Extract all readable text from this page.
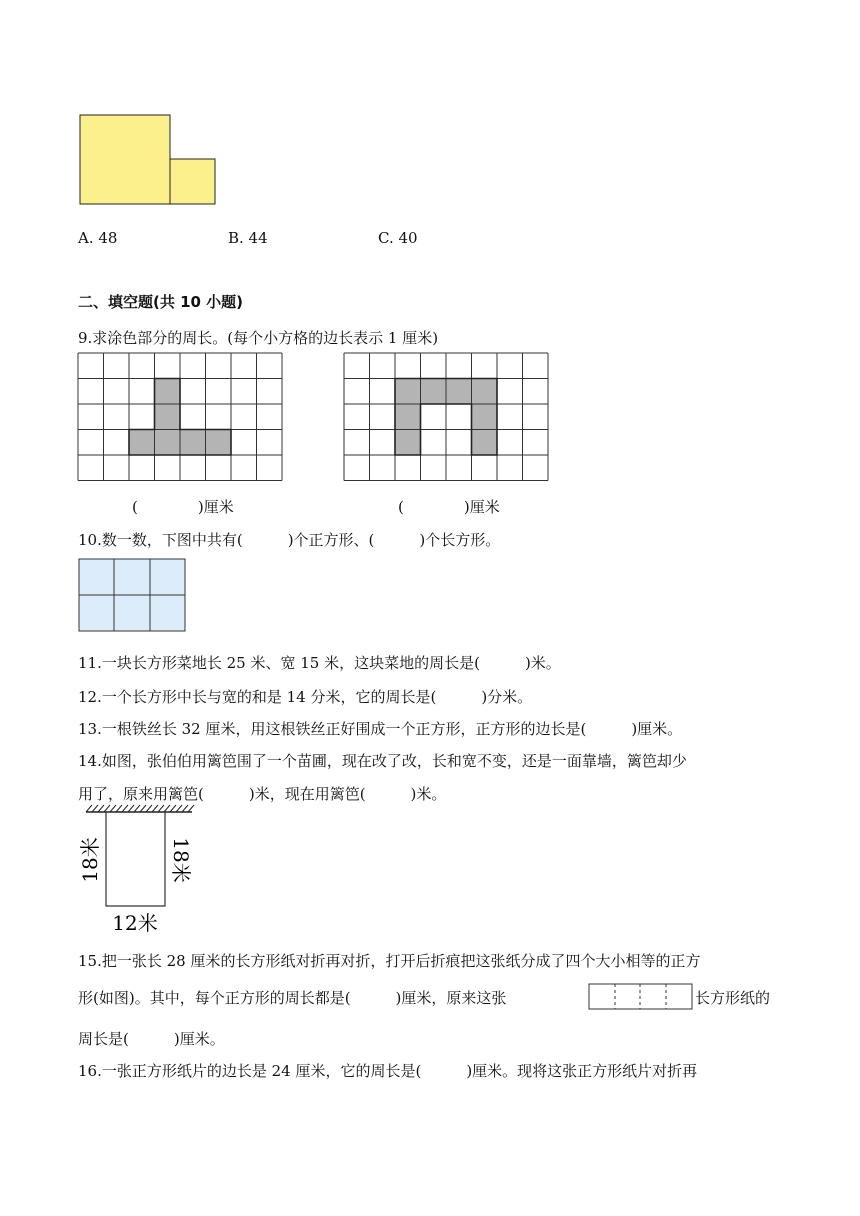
A. 48	B. 44	C. 40
二、填空题(共 10 小题)
9.求涂色部分的周长。(每个小方格的边长表示 1 厘米)
(　　　　)厘米	(　　　　)厘米
10.数一数，下图中共有(　　　)个正方形、(　　　)个长方形。
11.一块长方形菜地长 25 米、宽 15 米，这块菜地的周长是(　　　)米。
12.一个长方形中长与宽的和是 14 分米，它的周长是(　　　)分米。
13.一根铁丝长 32 厘米，用这根铁丝正好围成一个正方形，正方形的边长是(　　　)厘米。
14.如图，张伯伯用篱笆围了一个苗圃，现在改了改，长和宽不变，还是一面靠墙，篱笆却少
用了，原来用篱笆(　　　)米，现在用篱笆(　　　)米。
18米	18米
12米
15.把一张长 28 厘米的长方形纸对折再对折，打开后折痕把这张纸分成了四个大小相等的正方
形(如图)。其中，每个正方形的周长都是(　　　)厘米，原来这张	长方形纸的
周长是(　　　)厘米。
16.一张正方形纸片的边长是 24 厘米，它的周长是(　　　)厘米。现将这张正方形纸片对折再
